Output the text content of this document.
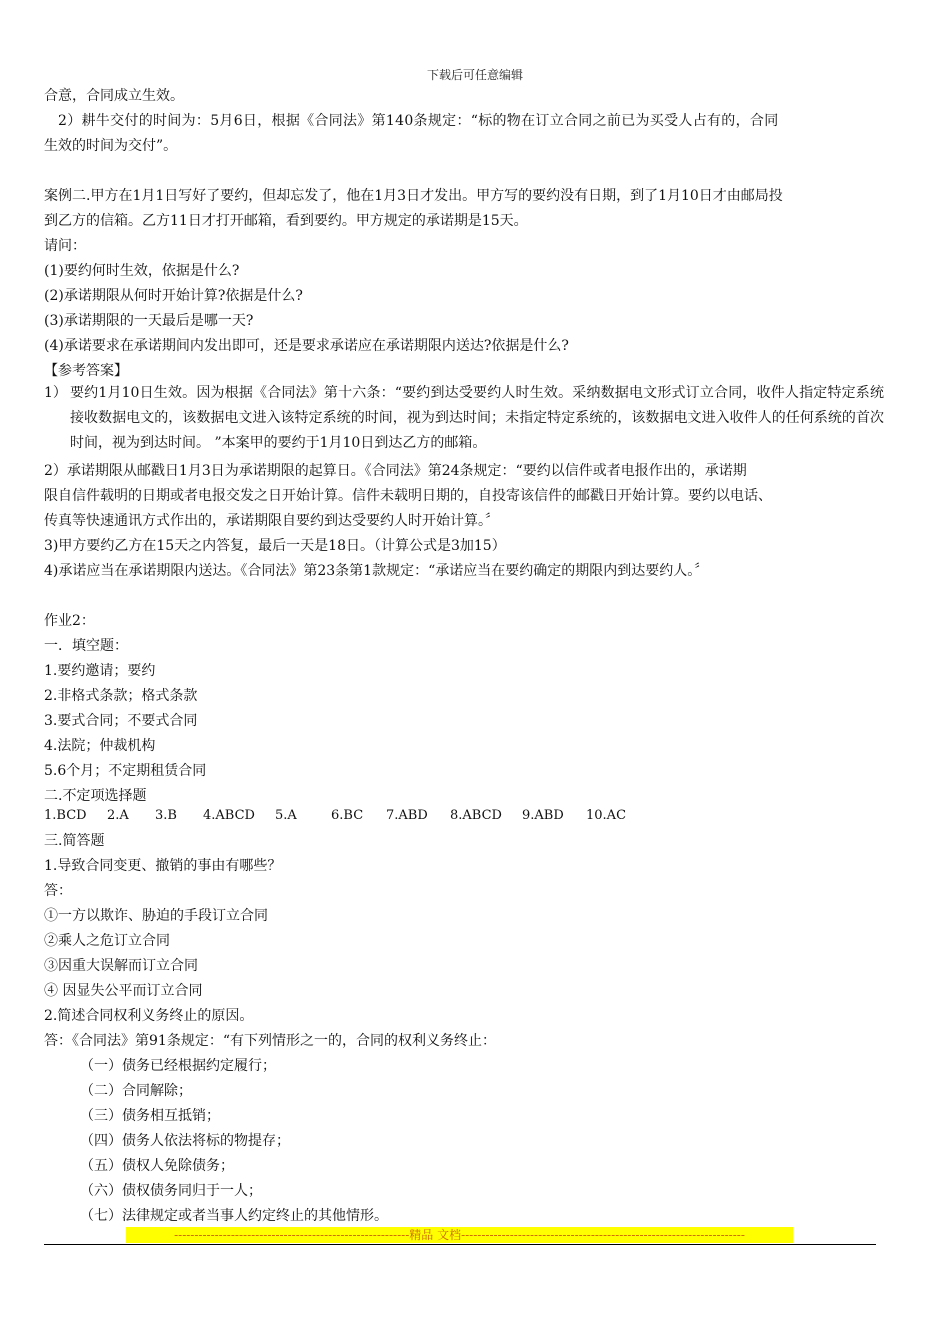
下载后可任意编辑
合意，合同成立生效。
2）耕牛交付的时间为：5月6日，根据《合同法》第140条规定：“标的物在订立合同之前已为买受人占有的，合同
生效的时间为交付”。
案例二.甲方在1月1日写好了要约，但却忘发了，他在1月3日才发出。甲方写的要约没有日期，到了1月10日才由邮局投
到乙方的信箱。乙方11日才打开邮箱，看到要约。甲方规定的承诺期是15天。
请问：
(1)要约何时生效，依据是什么?
(2)承诺期限从何时开始计算?依据是什么?
(3)承诺期限的一天最后是哪一天?
(4)承诺要求在承诺期间内发出即可，还是要求承诺应在承诺期限内送达?依据是什么?
【参考答案】
1） 要约1月10日生效。因为根据《合同法》第十六条：“要约到达受要约人时生效。采纳数据电文形式订立合同，收件人指定特定系统接收数据电文的，该数据电文进入该特定系统的时间，视为到达时间；未指定特定系统的，该数据电文进入收件人的任何系统的首次时间，视为到达时间。 ”本案甲的要约于1月10日到达乙方的邮箱。
2）承诺期限从邮戳日1月3日为承诺期限的起算日。《合同法》第24条规定：“要约以信件或者电报作出的，承诺期
限自信件载明的日期或者电报交发之日开始计算。信件未载明日期的，自投寄该信件的邮戳日开始计算。要约以电话、
传真等快速通讯方式作出的，承诺期限自要约到达受要约人时开始计算。〞
3)甲方要约乙方在15天之内答复，最后一天是18日。（计算公式是3加15）
4)承诺应当在承诺期限内送达。《合同法》第23条第1款规定：“承诺应当在要约确定的期限内到达要约人。〞
作业2：
一．填空题：
1.要约邀请；要约
2.非格式条款；格式条款
3.要式合同；不要式合同
4.法院；仲裁机构
5.6个月；不定期租赁合同
二.不定项选择题
1.BCD 2.A 3.B 4.ABCD 5.A	6.BC 7.ABD 8.ABCD 9.ABD 10.AC
三.简答题
1.导致合同变更、撤销的事由有哪些？
答：
①一方以欺诈、胁迫的手段订立合同
②乘人之危订立合同
③因重大误解而订立合同
④ 因显失公平而订立合同
2.简述合同权利义务终止的原因。
答：《合同法》第91条规定：“有下列情形之一的，合同的权利义务终止：
（一）债务已经根据约定履行；
（二）合同解除；
（三）债务相互抵销；
（四）债务人依法将标的物提存；
（五）债权人免除债务；
（六）债权债务同归于一人；
（七）法律规定或者当事人约定终止的其他情形。
----------------------------------------------------------精品 文档----------------------------------------------------------------------
